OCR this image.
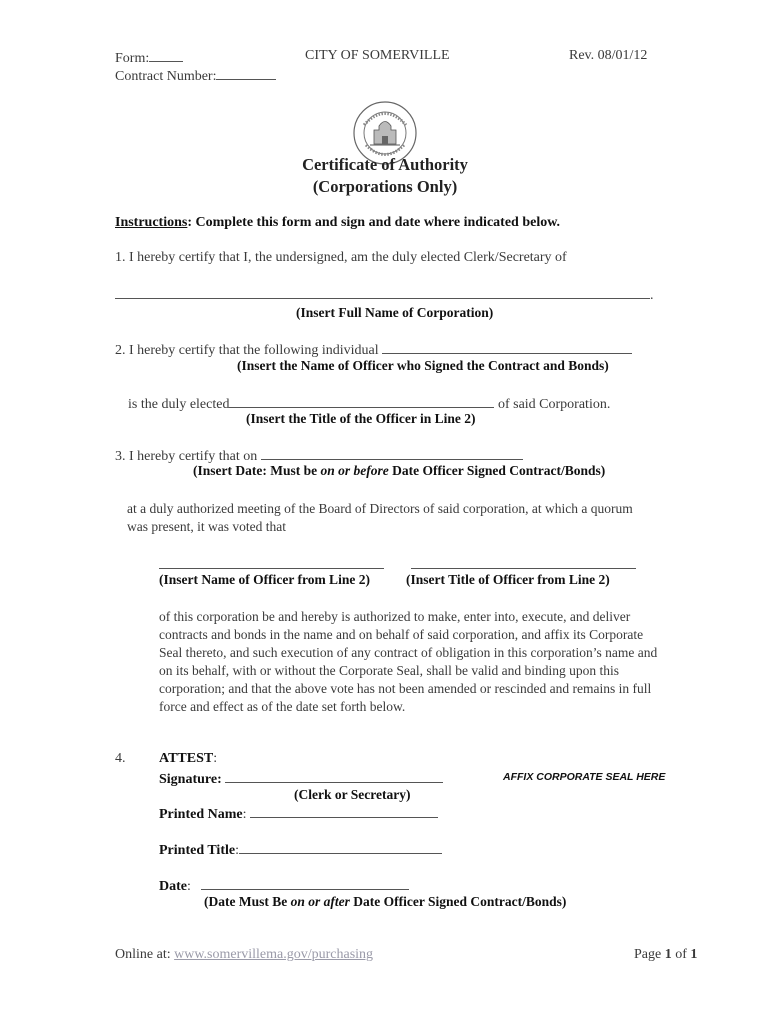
Form:
Contract Number:
CITY OF SOMERVILLE	Rev. 08/01/12
Certificate of Authority
(Corporations Only)
Instructions: Complete this form and sign and date where indicated below.
1. I hereby certify that I, the undersigned, am the duly elected Clerk/Secretary of
.
(Insert Full Name of Corporation)
2. I hereby certify that the following individual
(Insert the Name of Officer who Signed the Contract and Bonds)
is the duly elected	of said Corporation.
(Insert the Title of the Officer in Line 2)
3. I hereby certify that on
(Insert Date: Must be on or before Date Officer Signed Contract/Bonds)
at a duly authorized meeting of the Board of Directors of said corporation, at which a quorum was present, it was voted that
(Insert Name of Officer from Line 2)	(Insert Title of Officer from Line 2)
of this corporation be and hereby is authorized to make, enter into, execute, and deliver contracts and bonds in the name and on behalf of said corporation, and affix its Corporate Seal thereto, and such execution of any contract of obligation in this corporation’s name and on its behalf, with or without the Corporate Seal, shall be valid and binding upon this corporation; and that the above vote has not been amended or rescinded and remains in full force and effect as of the date set forth below.
4. ATTEST:
Signature:	AFFIX CORPORATE SEAL HERE
(Clerk or Secretary)
Printed Name:
Printed Title:
Date:
(Date Must Be on or after Date Officer Signed Contract/Bonds)
Online at: www.somervillema.gov/purchasing	Page 1 of 1
